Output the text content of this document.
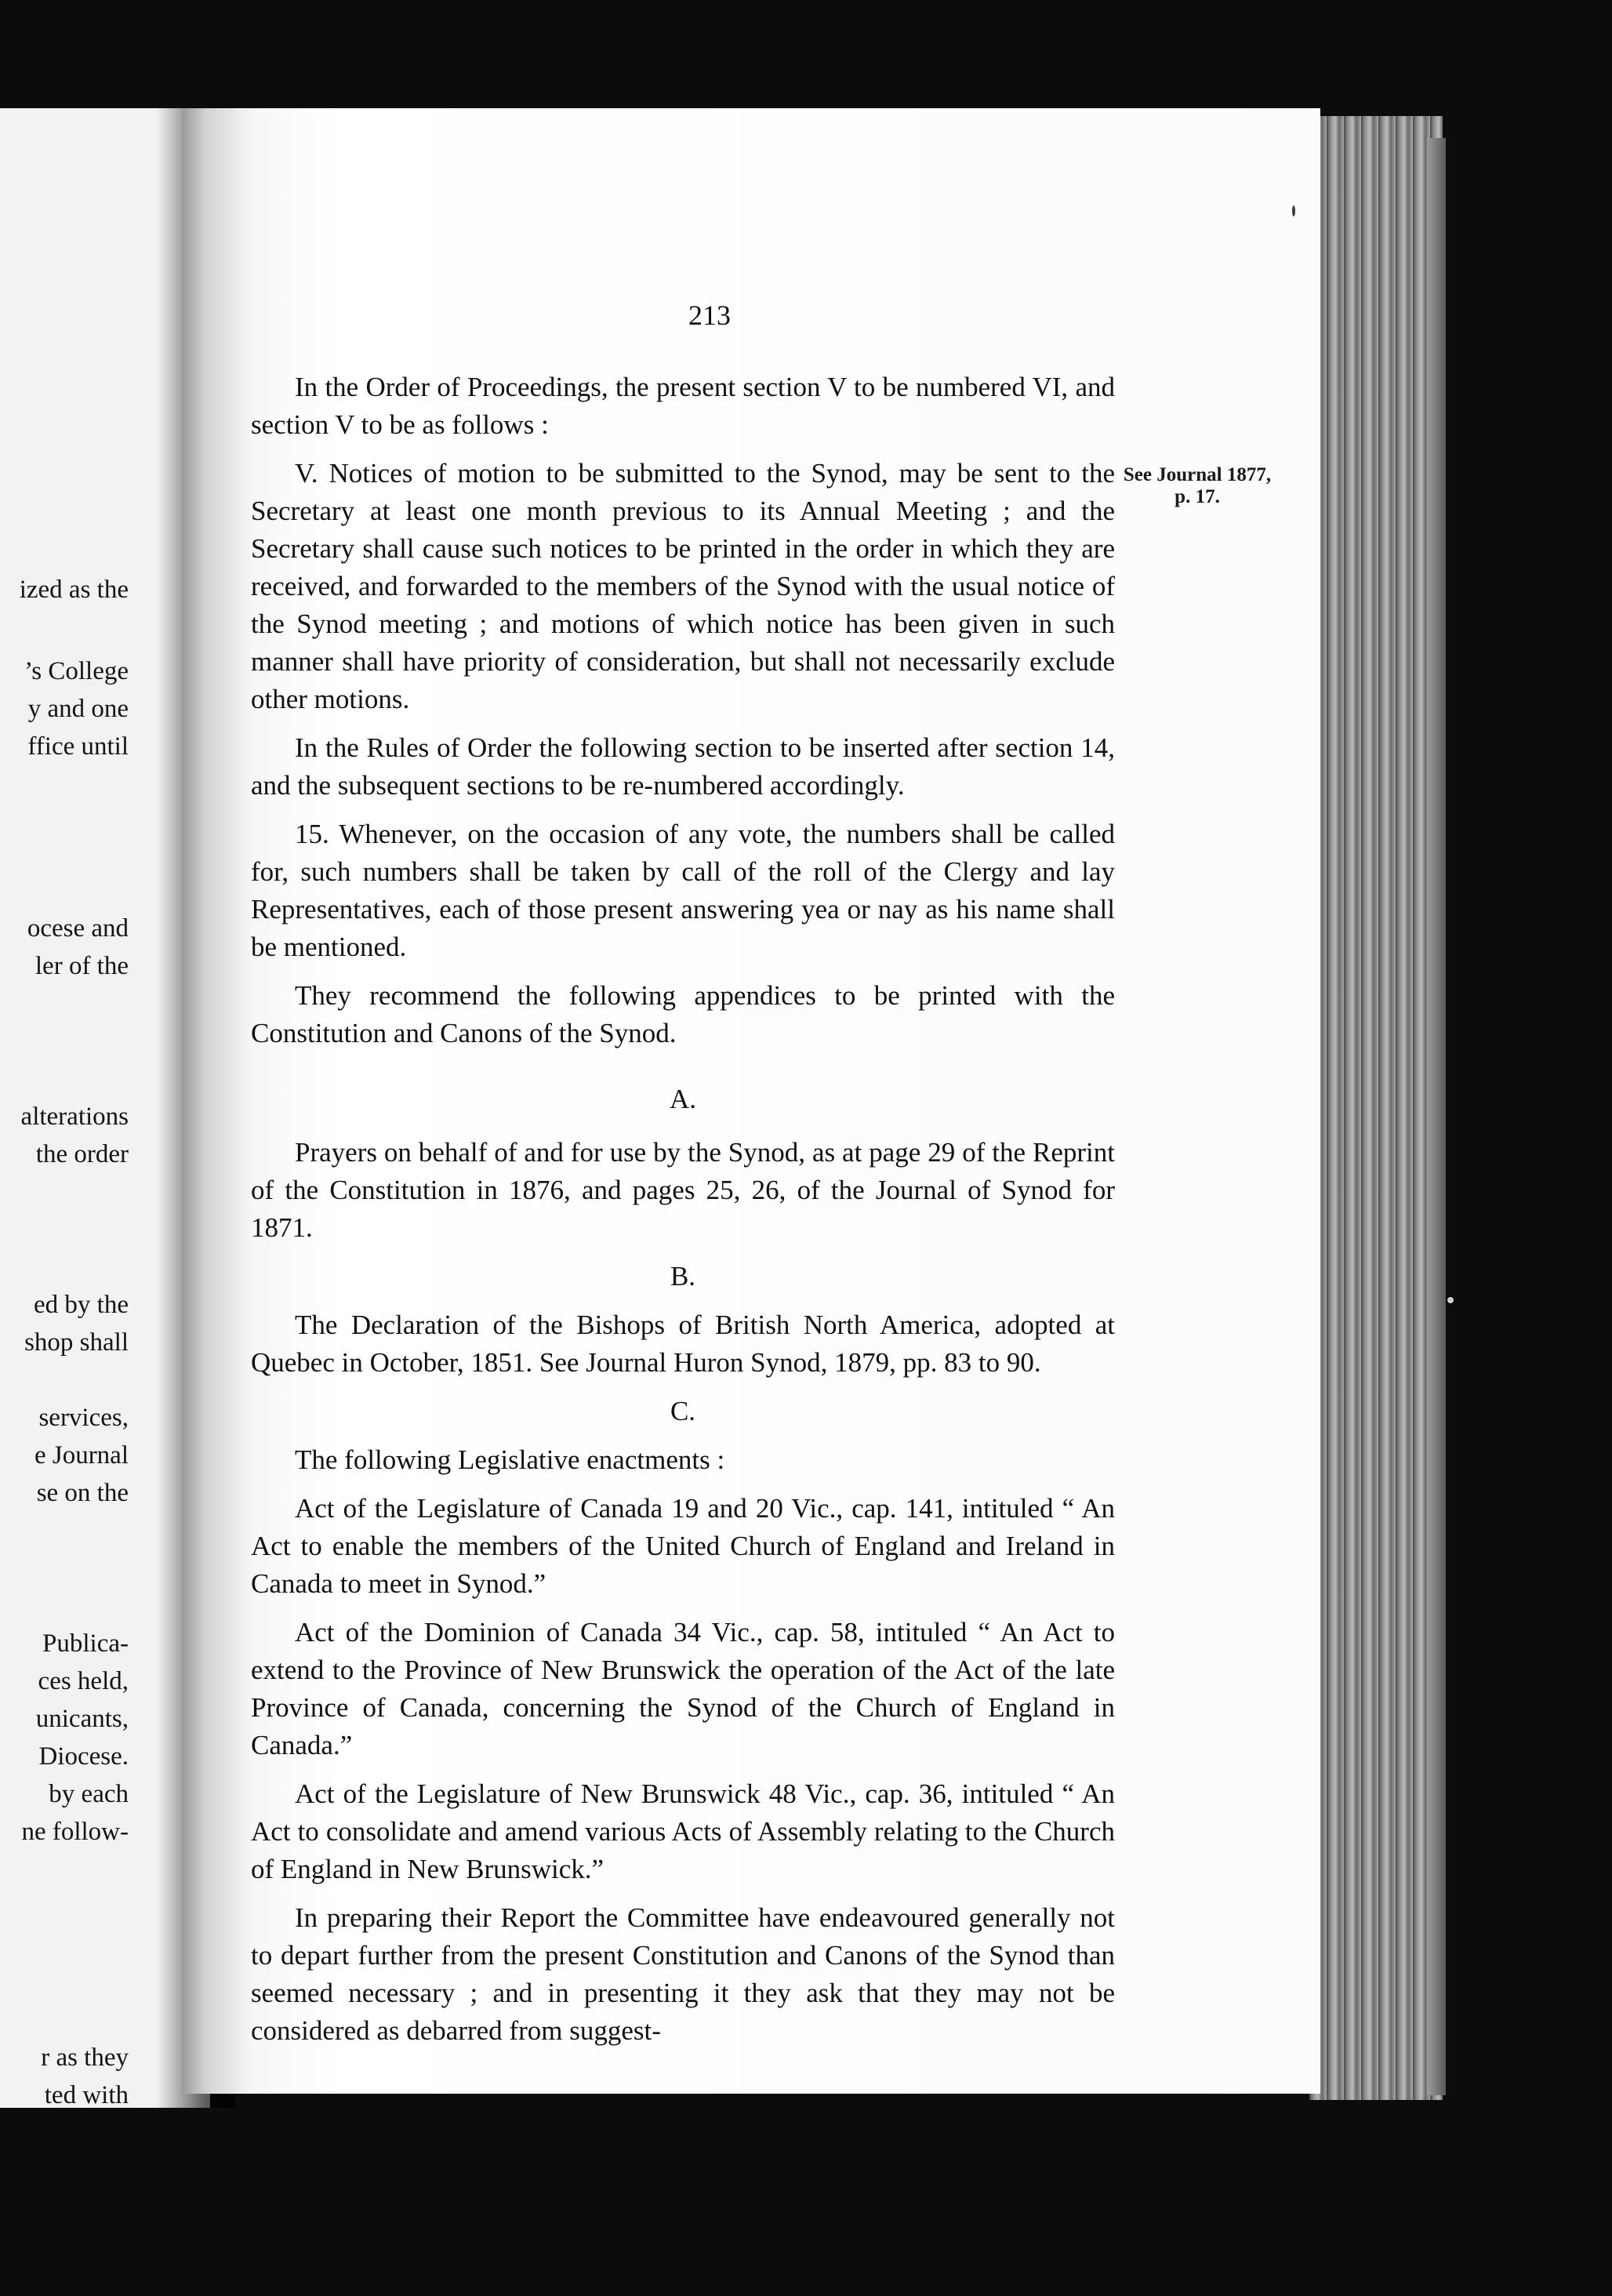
ized as the
’s College
y and one
ffice until
ocese and
ler of the
alterations
the order
ed by the
shop shall
services,
e Journal
se on the
Publica-
ces held,
unicants,
Diocese.
by each
ne follow-
r as they
ted with
213
See Journal 1877, p. 17.

In the Order of Proceedings, the present section V to be numbered VI, and section V to be as follows :

V. Notices of motion to be submitted to the Synod, may be sent to the Secretary at least one month previous to its Annual Meeting ; and the Secretary shall cause such notices to be printed in the order in which they are received, and forwarded to the members of the Synod with the usual notice of the Synod meeting ; and motions of which notice has been given in such manner shall have priority of consideration, but shall not necessarily exclude other motions.

In the Rules of Order the following section to be inserted after section 14, and the subsequent sections to be re-numbered accordingly.

15. Whenever, on the occasion of any vote, the numbers shall be called for, such numbers shall be taken by call of the roll of the Clergy and lay Representatives, each of those present answering yea or nay as his name shall be mentioned.

They recommend the following appendices to be printed with the Constitution and Canons of the Synod.

A.

Prayers on behalf of and for use by the Synod, as at page 29 of the Reprint of the Constitution in 1876, and pages 25, 26, of the Journal of Synod for 1871.

B.

The Declaration of the Bishops of British North America, adopted at Quebec in October, 1851. See Journal Huron Synod, 1879, pp. 83 to 90.

C.

The following Legislative enactments :

Act of the Legislature of Canada 19 and 20 Vic., cap. 141, intituled “ An Act to enable the members of the United Church of England and Ireland in Canada to meet in Synod.”

Act of the Dominion of Canada 34 Vic., cap. 58, intituled “ An Act to extend to the Province of New Brunswick the operation of the Act of the late Province of Canada, concerning the Synod of the Church of England in Canada.”

Act of the Legislature of New Brunswick 48 Vic., cap. 36, intituled “ An Act to consolidate and amend various Acts of Assembly relating to the Church of England in New Brunswick.”

In preparing their Report the Committee have endeavoured generally not to depart further from the present Constitution and Canons of the Synod than seemed necessary ; and in presenting it they ask that they may not be considered as debarred from suggest-
